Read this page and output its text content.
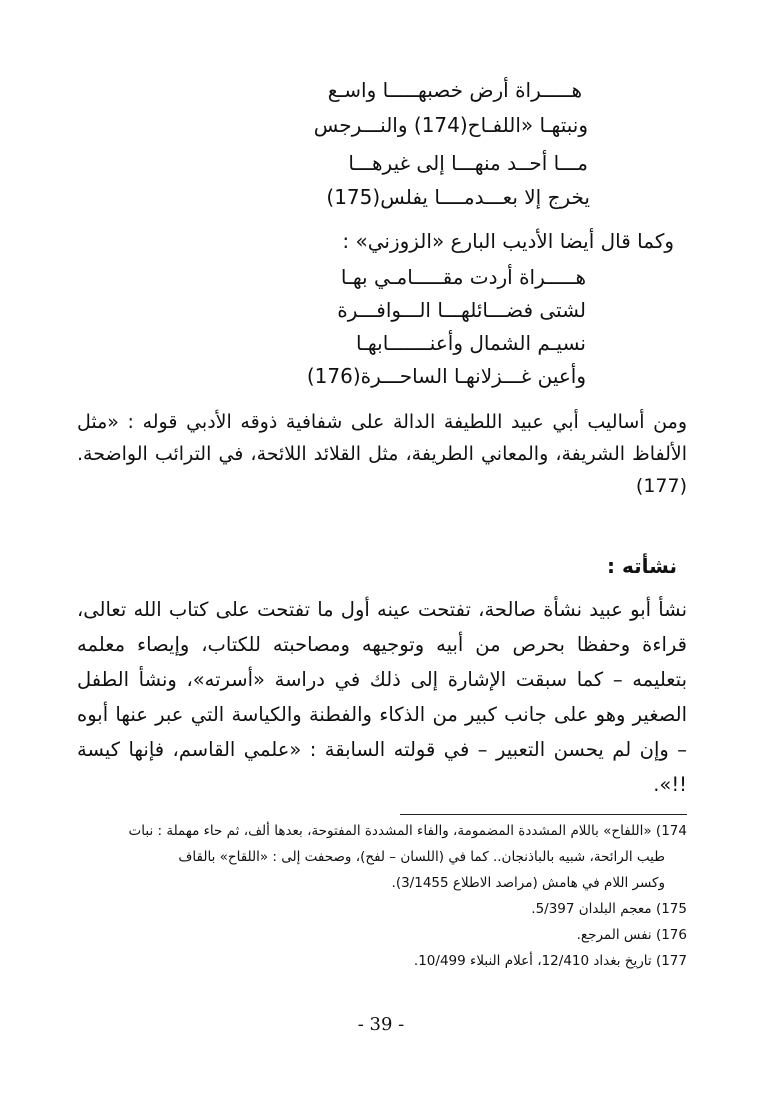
هـــــراة أرض خصبهـــــا واسـع
ونبتهـا «اللفـاح(174) والنـــرجس
مـــا أحــد منهـــا إلى غيرهـــا
يخرج إلا بعـــدمــــا يفلس(175)
وكما قال أيضا الأديب البارع «الزوزني» :
هـــــراة أردت مقـــــامـي بهـا
لشتى فضـــائلهـــا الـــوافـــرة
نسيـم الشمال وأعنـــــــابهـا
وأعين غـــزلانهـا الساحـــرة(176)
ومن أساليب أبي عبيد اللطيفة الدالة على شفافية ذوقه الأدبي قوله : «مثل الألفاظ الشريفة، والمعاني الطريفة، مثل القلائد اللائحة، في الترائب الواضحة.(177)
نشأته :
نشأ أبو عبيد نشأة صالحة، تفتحت عينه أول ما تفتحت على كتاب الله تعالى، قراءة وحفظا بحرص من أبيه وتوجيهه ومصاحبته للكتاب، وإيصاء معلمه بتعليمه – كما سبقت الإشارة إلى ذلك في دراسة «أسرته»، ونشأ الطفل الصغير وهو على جانب كبير من الذكاء والفطنة والكياسة التي عبر عنها أبوه – وإن لم يحسن التعبير – في قولته السابقة : «علمي القاسم، فإنها كيسة !!».

174) «اللفاح» باللام المشددة المضمومة، والفاء المشددة المفتوحة، بعدها ألف، ثم حاء مهملة : نبات

طيب الرائحة، شبيه بالباذنجان.. كما في (اللسان – لفح)، وصحفت إلى : «اللقاح» بالقاف

وكسر اللام في هامش (مراصد الاطلاع 3/1455).

175) معجم البلدان 5/397.

176) نفس المرجع.

177) تاريخ بغداد 12/410، أعلام النبلاء 10/499.

- 39 -
